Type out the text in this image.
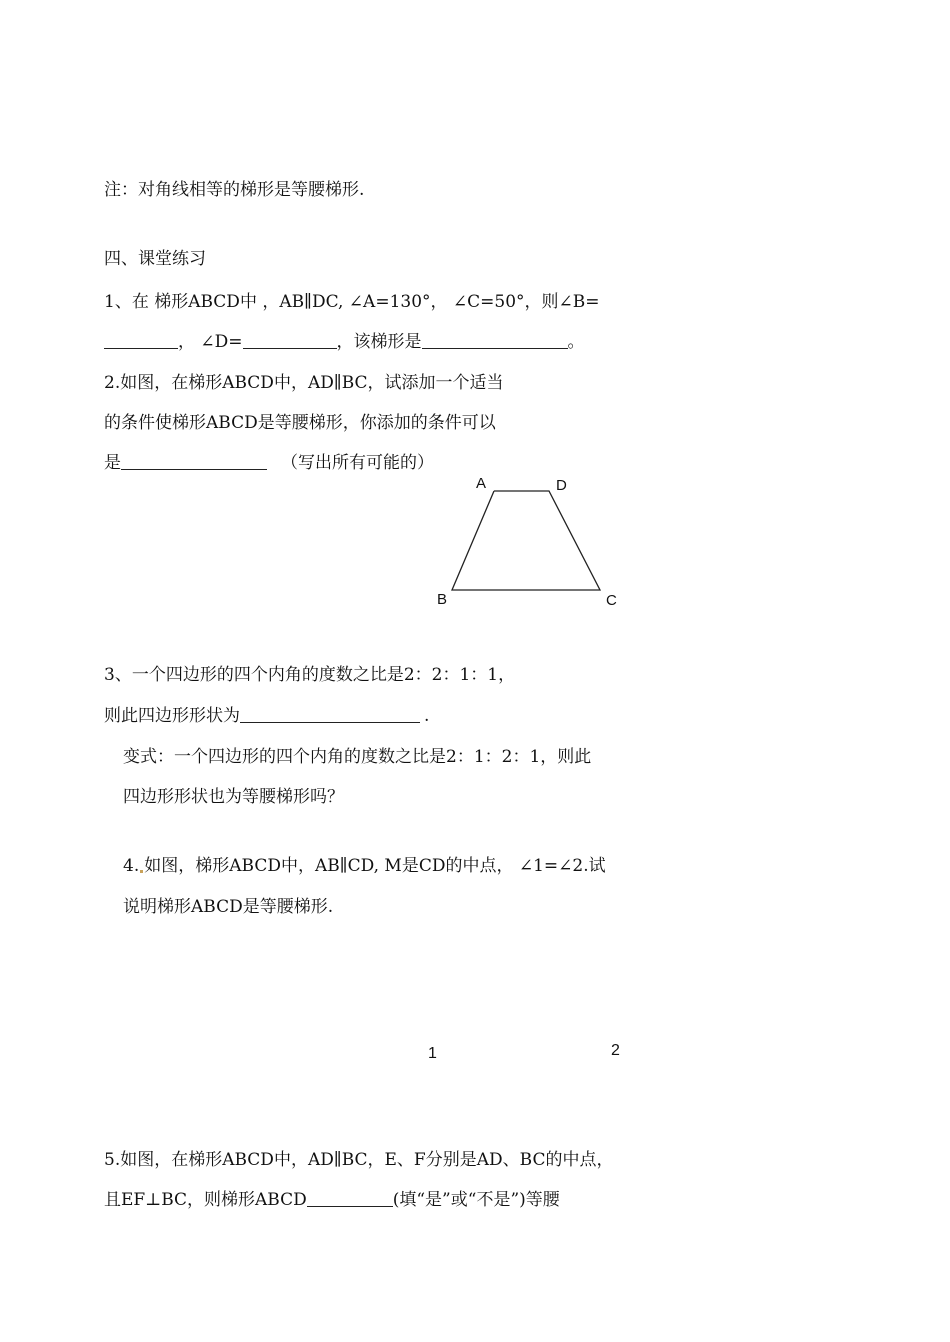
注：对角线相等的梯形是等腰梯形.
四、课堂练习
1、在 梯形ABCD中 ，AB∥DC, ∠A=130°， ∠C=50°，则∠B=
， ∠D=	，该梯形是	。
2.如图，在梯形ABCD中，AD∥BC，试添加一个适当
的条件使梯形ABCD是等腰梯形，你添加的条件可以
是	（写出所有可能的）
A	D
B	C
3、一个四边形的四个内角的度数之比是2：2：1：1，
则此四边形形状为	.
变式：一个四边形的四个内角的度数之比是2：1：2：1，则此
四边形形状也为等腰梯形吗？
4. 如图，梯形ABCD中，AB∥CD, M是CD的中点， ∠1=∠2.试
说明梯形ABCD是等腰梯形.
1	2
5.如图，在梯形ABCD中，AD∥BC，E、F分别是AD、BC的中点，
且EF⊥BC，则梯形ABCD	(填“是”或“不是”)等腰
